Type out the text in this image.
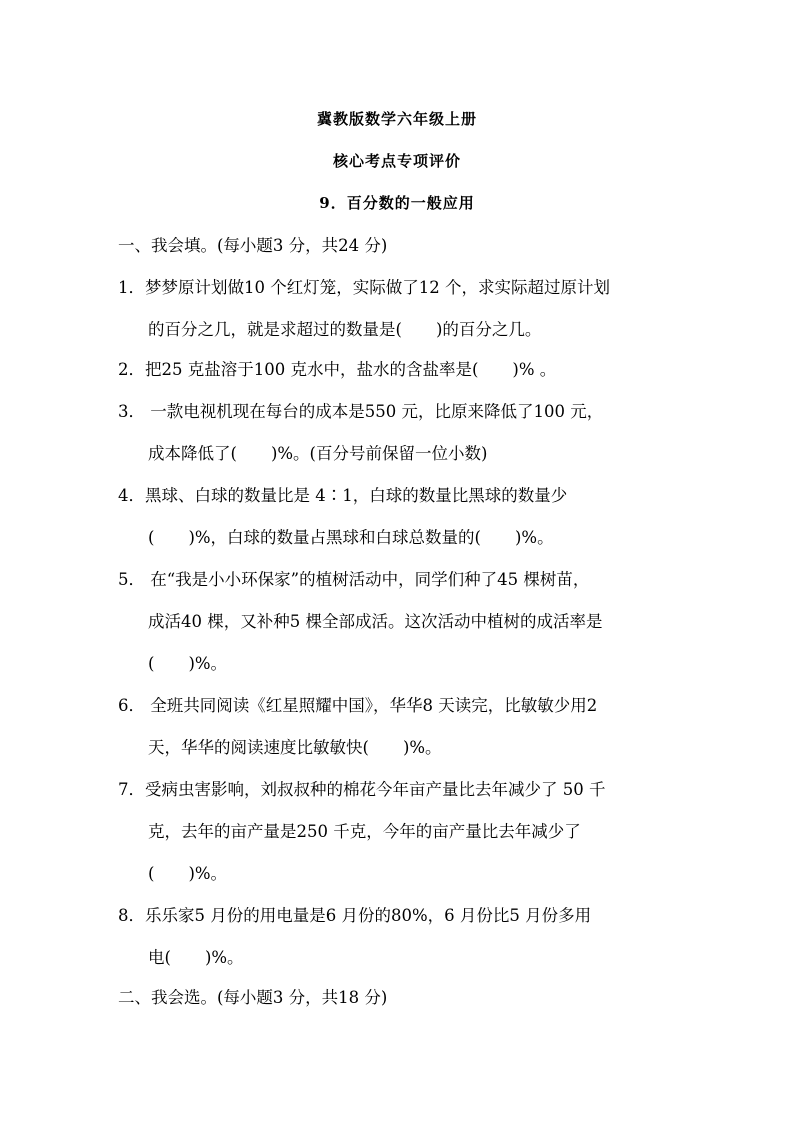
冀教版数学六年级上册
核心考点专项评价
9．百分数的一般应用
一、我会填。(每小题3 分，共24 分)
1．梦梦原计划做10 个红灯笼，实际做了12 个，求实际超过原计划
的百分之几，就是求超过的数量是( )的百分之几。
2．把25 克盐溶于100 克水中，盐水的含盐率是( )% 。
3． 一款电视机现在每台的成本是550 元，比原来降低了100 元，
成本降低了( )%。(百分号前保留一位小数)
4．黑球、白球的数量比是 4∶1，白球的数量比黑球的数量少
( )%，白球的数量占黑球和白球总数量的( )%。
5． 在“我是小小环保家”的植树活动中，同学们种了45 棵树苗，
成活40 棵，又补种5 棵全部成活。这次活动中植树的成活率是
( )%。
6． 全班共同阅读《红星照耀中国》，华华8 天读完，比敏敏少用2
天，华华的阅读速度比敏敏快( )%。
7．受病虫害影响，刘叔叔种的棉花今年亩产量比去年减少了 50 千
克，去年的亩产量是250 千克，今年的亩产量比去年减少了
( )%。
8．乐乐家5 月份的用电量是6 月份的80%，6 月份比5 月份多用
电( )%。
二、我会选。(每小题3 分，共18 分)
